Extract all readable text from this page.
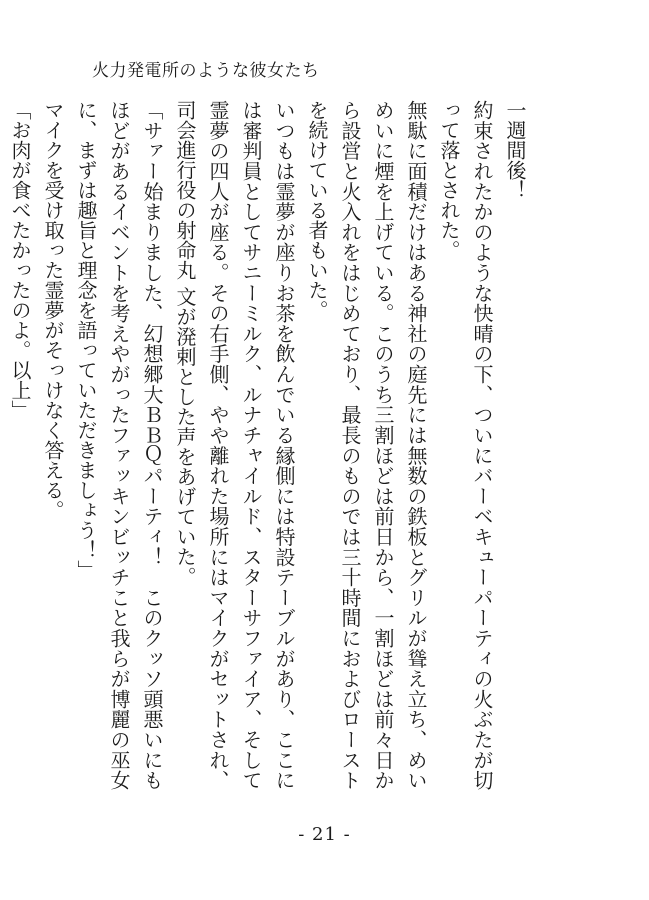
火力発電所のような彼女たち

一週間後！

約束されたかのような快晴の下、ついにバーベキューパーティの火ぶたが切って落とされた。

無駄に面積だけはある神社の庭先には無数の鉄板とグリルが聳え立ち、めいめいに煙を上げている。このうち三割ほどは前日から、一割ほどは前々日から設営と火入れをはじめており、最長のものでは三十時間におよびローストを続けている者もいた。

いつもは霊夢が座りお茶を飲んでいる縁側には特設テーブルがあり、ここには審判員としてサニーミルク、ルナチャイルド、スターサファイア、そして霊夢の四人が座る。その右手側、やや離れた場所にはマイクがセットされ、司会進行役の射命丸 文が溌剌とした声をあげていた。

「サァー始まりました、幻想郷大ＢＢＱパーティ！　このクッソ頭悪いにもほどがあるイベントを考えやがったファッキンビッチこと我らが博麗の巫女に、まずは趣旨と理念を語っていただきましょう！」

マイクを受け取った霊夢がそっけなく答える。

「お肉が食べたかったのよ。以上」

- 21 -
